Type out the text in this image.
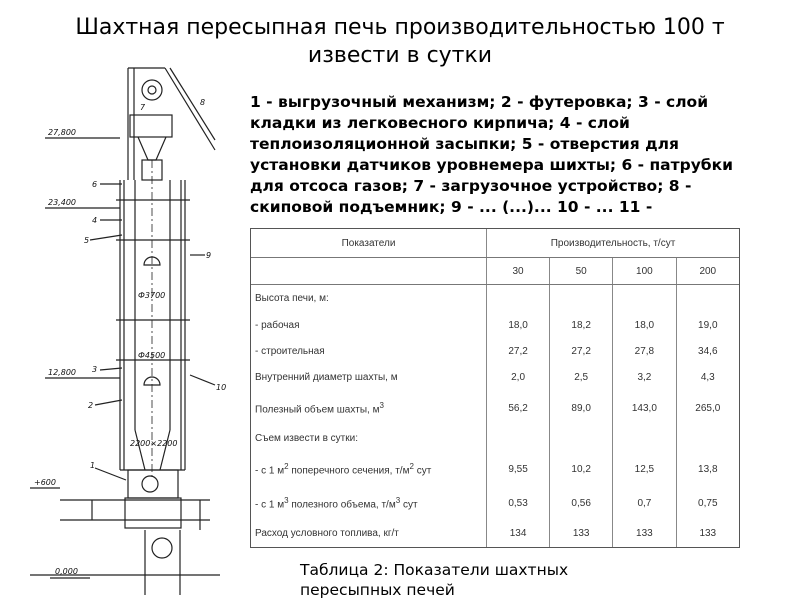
Шахтная пересыпная печь производительностью 100 т
извести в сутки
27,800
23,400
12,800
+600
0,000
Ф3700
Ф4500
2200×2200
1
2
3
4
5
6
7
8
9
10
1 - выгрузочный механизм; 2 - футеровка; 3 - слой кладки из легковесного кирпича; 4 - слой теплоизоляционной засыпки; 5 - отверстия для установки датчиков уровнемера шихты; 6 - патрубки для отсоса газов; 7 - загрузочное устройство; 8 - скиповой подъемник; 9 - ... (...)... 10 - ... 11 -
Показатели	Производительность, т/сут			
	30	50	100	200
Высота печи, м:				
- рабочая	18,0	18,2	18,0	19,0
- строительная	27,2	27,2	27,8	34,6
Внутренний диаметр шахты, м	2,0	2,5	3,2	4,3
Полезный объем шахты, $м^3$	56,2	89,0	143,0	265,0
Съем извести в сутки:				
- с 1 $м^2$ поперечного сечения, $т/м^2$ сут	9,55	10,2	12,5	13,8
- с 1 $м^3$ полезного объема, $т/м^3$ сут	0,53	0,56	0,7	0,75
Расход условного топлива, кг/т	134	133	133	133
Таблица 2: Показатели шахтных
пересыпных печей
